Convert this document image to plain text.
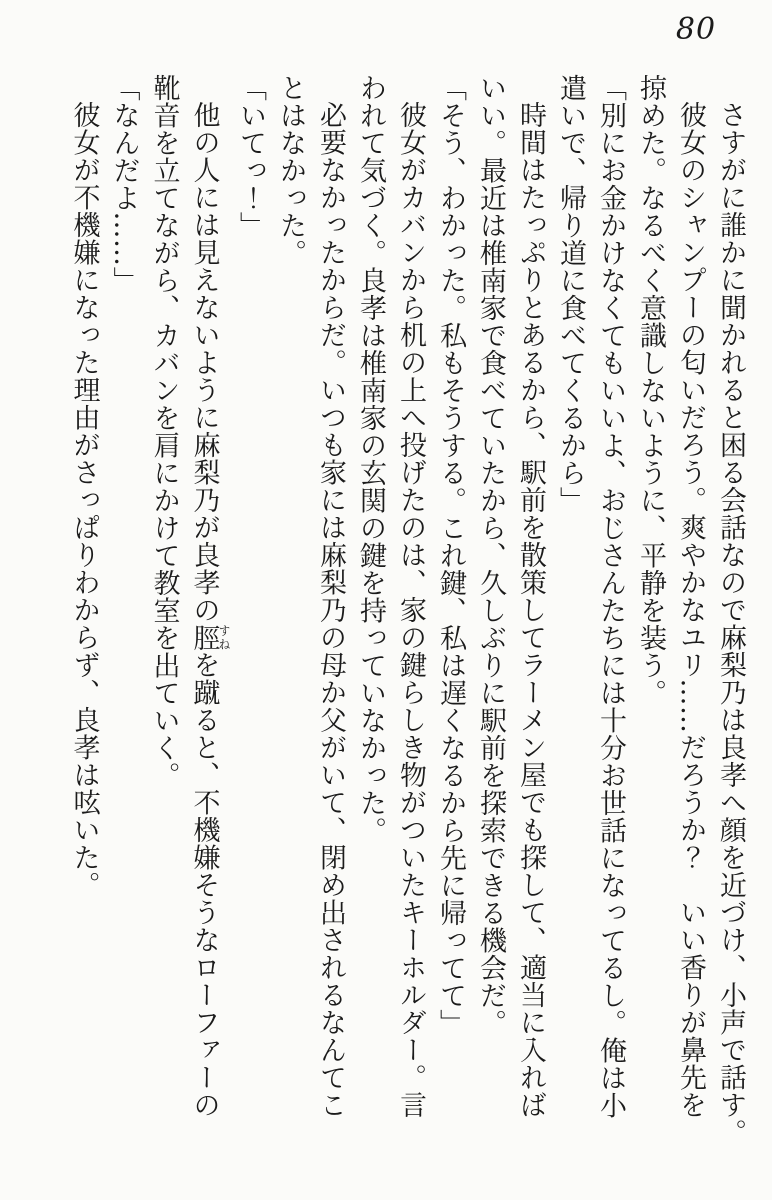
80

さすがに誰かに聞かれると困る会話なので麻梨乃は良孝へ顔を近づけ、小声で話す。

彼女のシャンプーの匂いだろう。爽やかなユリ……だろうか？　いい香りが鼻先を

掠めた。なるべく意識しないように、平静を装う。

「別にお金かけなくてもいいよ、おじさんたちには十分お世話になってるし。俺は小

遣いで、帰り道に食べてくるから」

時間はたっぷりとあるから、駅前を散策してラーメン屋でも探して、適当に入れば

いい。最近は椎南家で食べていたから、久しぶりに駅前を探索できる機会だ。

「そう、わかった。私もそうする。これ鍵、私は遅くなるから先に帰ってて」

彼女がカバンから机の上へ投げたのは、家の鍵らしき物がついたキーホルダー。言

われて気づく。良孝は椎南家の玄関の鍵を持っていなかった。

必要なかったからだ。いつも家には麻梨乃の母か父がいて、閉め出されるなんてこ

とはなかった。

「いてっ！」

他の人には見えないように麻梨乃が良孝の脛すねを蹴ると、不機嫌そうなローファーの

靴音を立てながら、カバンを肩にかけて教室を出ていく。

「なんだよ……」

彼女が不機嫌になった理由がさっぱりわからず、良孝は呟いた。
